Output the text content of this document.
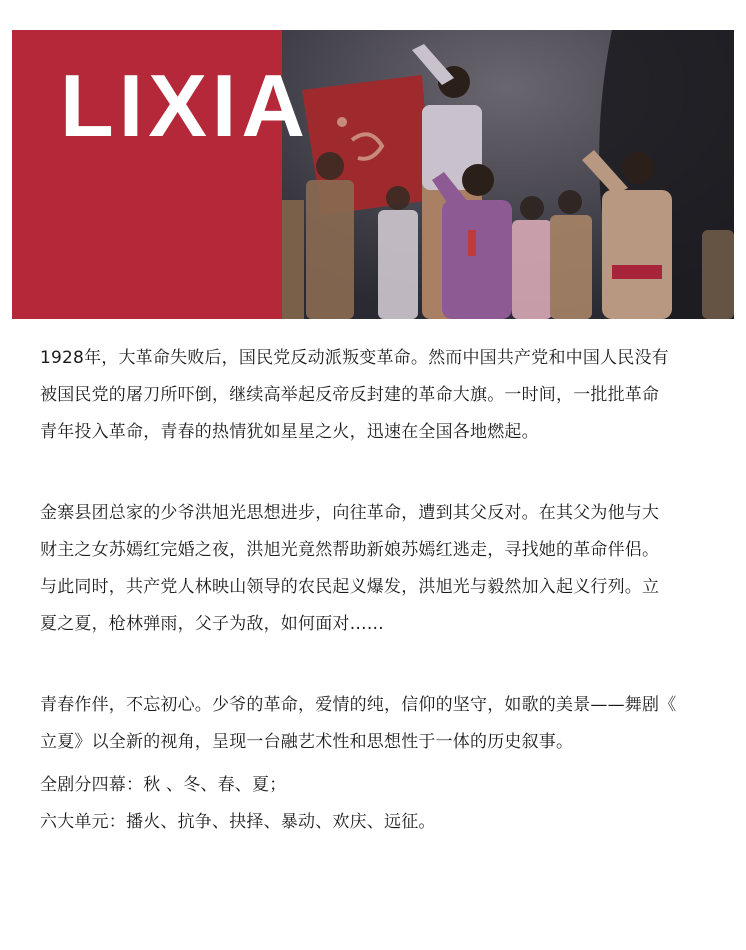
LIXIA
1928年，大革命失败后，国民党反动派叛变革命。然而中国共产党和中国人民没有
被国民党的屠刀所吓倒，继续高举起反帝反封建的革命大旗。一时间，一批批革命
青年投入革命，青春的热情犹如星星之火，迅速在全国各地燃起。
金寨县团总家的少爷洪旭光思想进步，向往革命，遭到其父反对。在其父为他与大
财主之女苏嫣红完婚之夜，洪旭光竟然帮助新娘苏嫣红逃走，寻找她的革命伴侣。
与此同时，共产党人林映山领导的农民起义爆发，洪旭光与毅然加入起义行列。立
夏之夏，枪林弹雨，父子为敌，如何面对……
青春作伴，不忘初心。少爷的革命，爱情的纯，信仰的坚守，如歌的美景——舞剧《
立夏》以全新的视角，呈现一台融艺术性和思想性于一体的历史叙事。
全剧分四幕：秋 、冬、春、夏；
六大单元：播火、抗争、抉择、暴动、欢庆、远征。
